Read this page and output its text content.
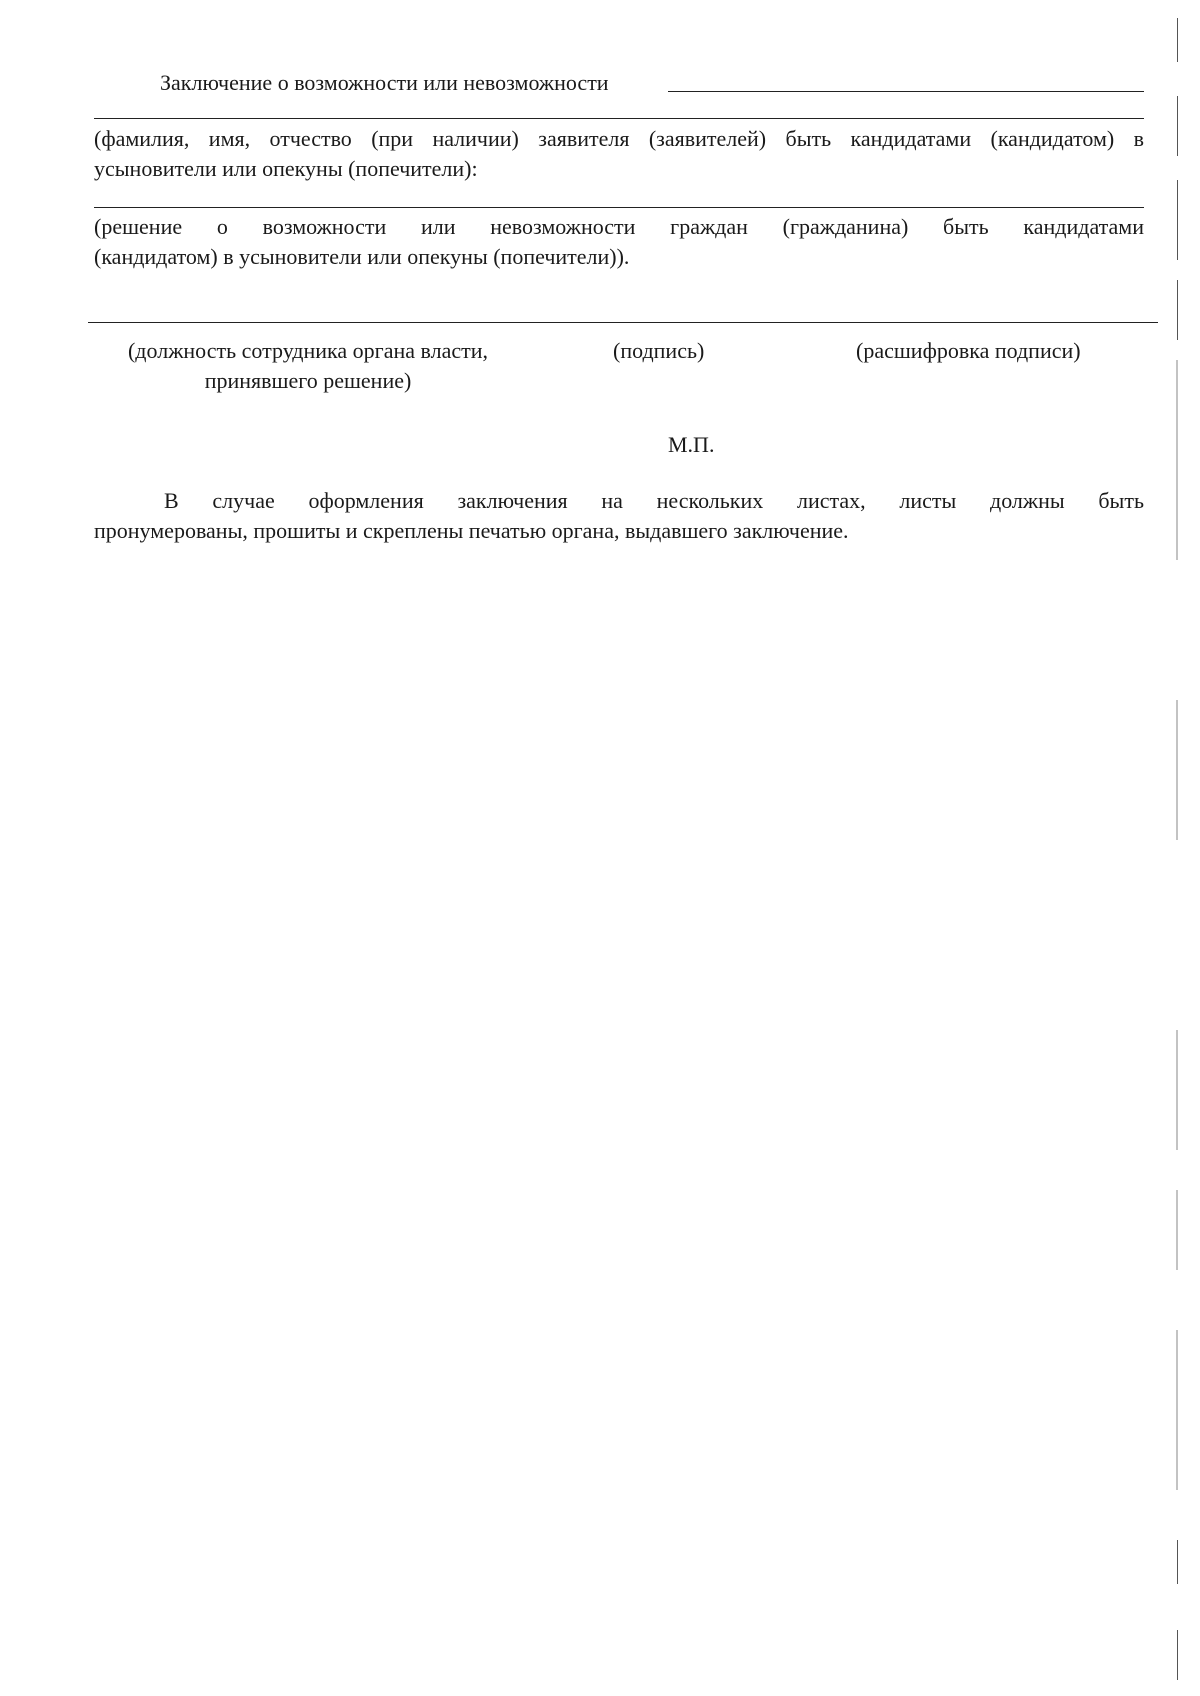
Заключение о возможности или невозможности
(фамилия, имя, отчество (при наличии) заявителя (заявителей) быть кандидатами (кандидатом) в
усыновители или опекуны (попечители):
(решение о возможности или невозможности граждан (гражданина) быть кандидатами
(кандидатом) в усыновители или опекуны (попечители)).
(должность сотрудника органа власти,
принявшего решение)
(подпись)	(расшифровка подписи)
М.П.
В случае оформления заключения на нескольких листах, листы должны быть
пронумерованы, прошиты и скреплены печатью органа, выдавшего заключение.
